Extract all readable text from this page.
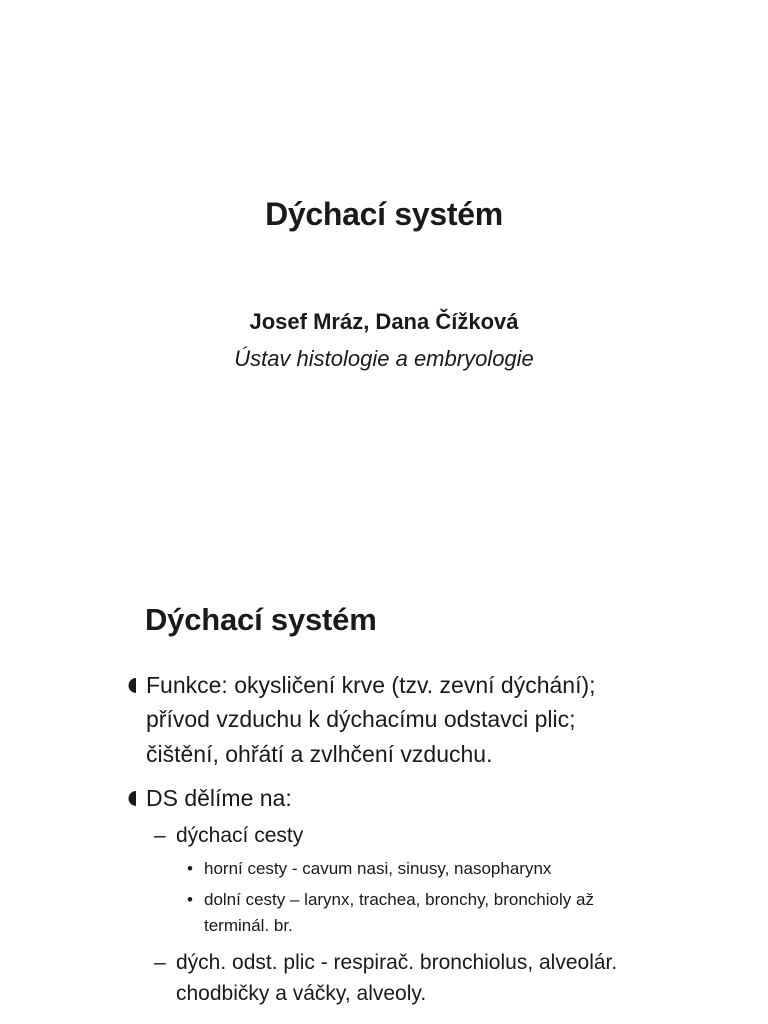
Dýchací systém
Josef Mráz, Dana Čížková
Ústav histologie a embryologie
Dýchací systém
Funkce: okysličení krve (tzv. zevní dýchání);
přívod vzduchu k dýchacímu odstavci plic;
čištění, ohřátí a zvlhčení vzduchu.
DS dělíme na:
– dýchací cesty
• horní cesty - cavum nasi, sinusy, nasopharynx
• dolní cesty – larynx, trachea, bronchy, bronchioly až
terminál. br.
– dých. odst. plic - respirač. bronchiolus, alveolár.
chodbičky a váčky, alveoly.
